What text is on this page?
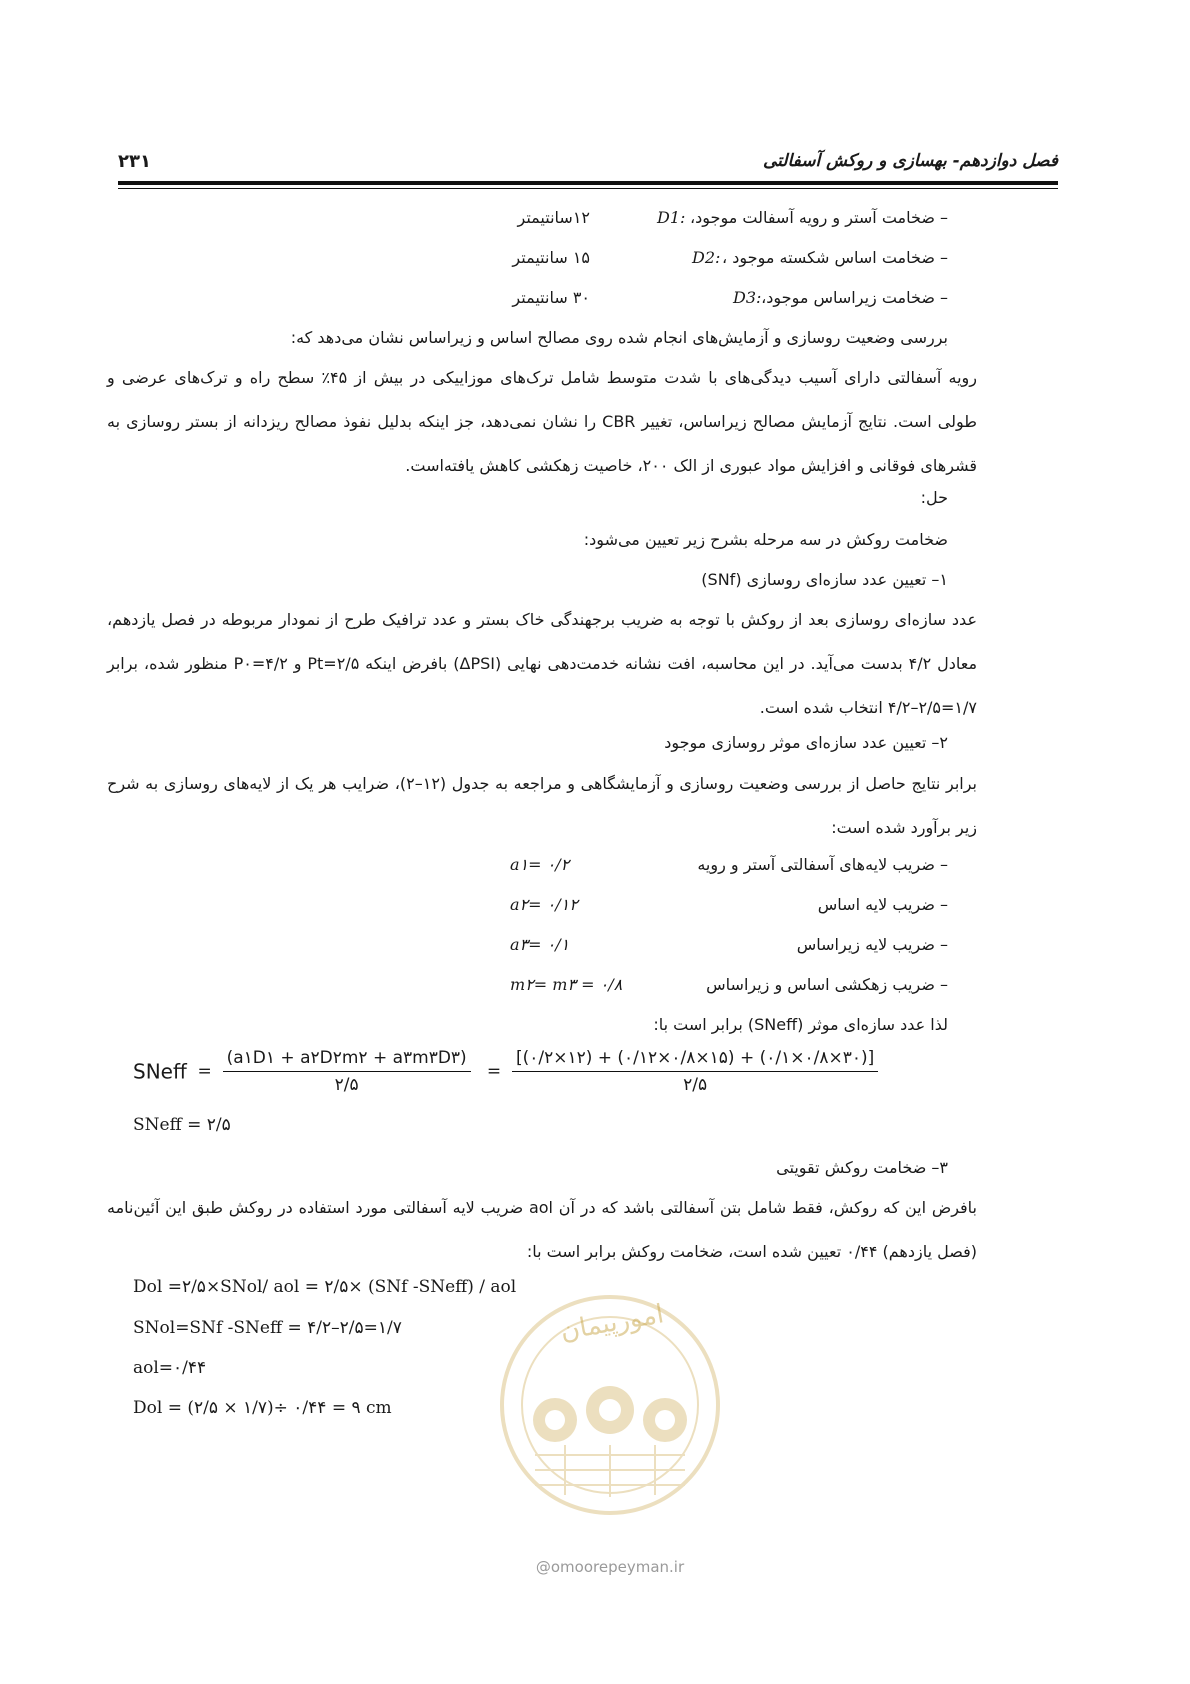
فصل دوازدهم- بهسازی و روکش آسفالتی
۲۳۱
– ضخامت آستر و رویه آسفالت موجود،
D1:
۱۲سانتیمتر
– ضخامت اساس شکسته موجود ،
D2:
۱۵ سانتیمتر
– ضخامت زیراساس موجود،
D3:
۳۰ سانتیمتر
بررسی وضعیت روسازی و آزمایش‌های انجام شده روی مصالح اساس و زیراساس نشان می‌دهد که:
رویه آسفالتی دارای آسیب دیدگی‌های با شدت متوسط شامل ترک‌های موزاییکی در بیش از ۴۵٪ سطح راه و ترک‌های عرضی و طولی است. نتایج آزمایش مصالح زیراساس، تغییر CBR را نشان نمی‌دهد، جز اینکه بدلیل نفوذ مصالح ریزدانه از بستر روسازی به قشرهای فوقانی و افزایش مواد عبوری از الک ۲۰۰، خاصیت زهکشی کاهش یافته‌است.
حل:
ضخامت روکش در سه مرحله بشرح زیر تعیین می‌شود:
۱– تعیین عدد سازه‌ای روسازی (SNf)
عدد سازه‌ای روسازی بعد از روکش با توجه به ضریب برجهندگی خاک بستر و عدد ترافیک طرح از نمودار مربوطه در فصل یازدهم، معادل ۴/۲ بدست می‌آید. در این محاسبه، افت نشانه خدمت‌دهی نهایی (ΔPSI) بافرض اینکه Pt=۲/۵ و P۰=۴/۲ منظور شده، برابر ۱/۷=۲/۵–۴/۲ انتخاب شده است.
۲– تعیین عدد سازه‌ای موثر روسازی موجود
برابر نتایج حاصل از بررسی وضعیت روسازی و آزمایشگاهی و مراجعه به جدول (۱۲–۲)، ضرایب هر یک از لایه‌های روسازی به شرح زیر برآورد شده است:
– ضریب لایه‌های آسفالتی آستر و رویه
a۱= ۰/۲
– ضریب لایه اساس
a۲= ۰/۱۲
– ضریب لایه زیراساس
a۳= ۰/۱
– ضریب زهکشی اساس و زیراساس
m۲= m۳ = ۰/۸
لذا عدد سازه‌ای موثر (SNeff) برابر است با:
SNeff  = $\frac{(a۱D۱ + a۲D۲m۲ + a۳m۳D۳)}{۲/۵} = \frac{[(۰/۲\times ۱۲) + (۰/۱۲\times ۰/۸\times ۱۵) + (۰/۱\times ۰/۸\times ۳۰)]}{۲/۵}$
SNeff = ۲/۵
۳– ضخامت روکش تقویتی
بافرض این که روکش، فقط شامل بتن آسفالتی باشد که در آن aol ضریب لایه آسفالتی مورد استفاده در روکش طبق این آئین‌نامه (فصل یازدهم) ۰/۴۴ تعیین شده است، ضخامت روکش برابر است با:
Dol =۲/۵×SNol/ aol = ۲/۵× (SNf -SNeff) / aol
SNol=SNf -SNeff = ۴/۲–۲/۵=۱/۷
aol=۰/۴۴
Dol = (۲/۵ × ۱/۷)÷ ۰/۴۴ = ۹ cm
امورپیمان
@omoorepeyman.ir
